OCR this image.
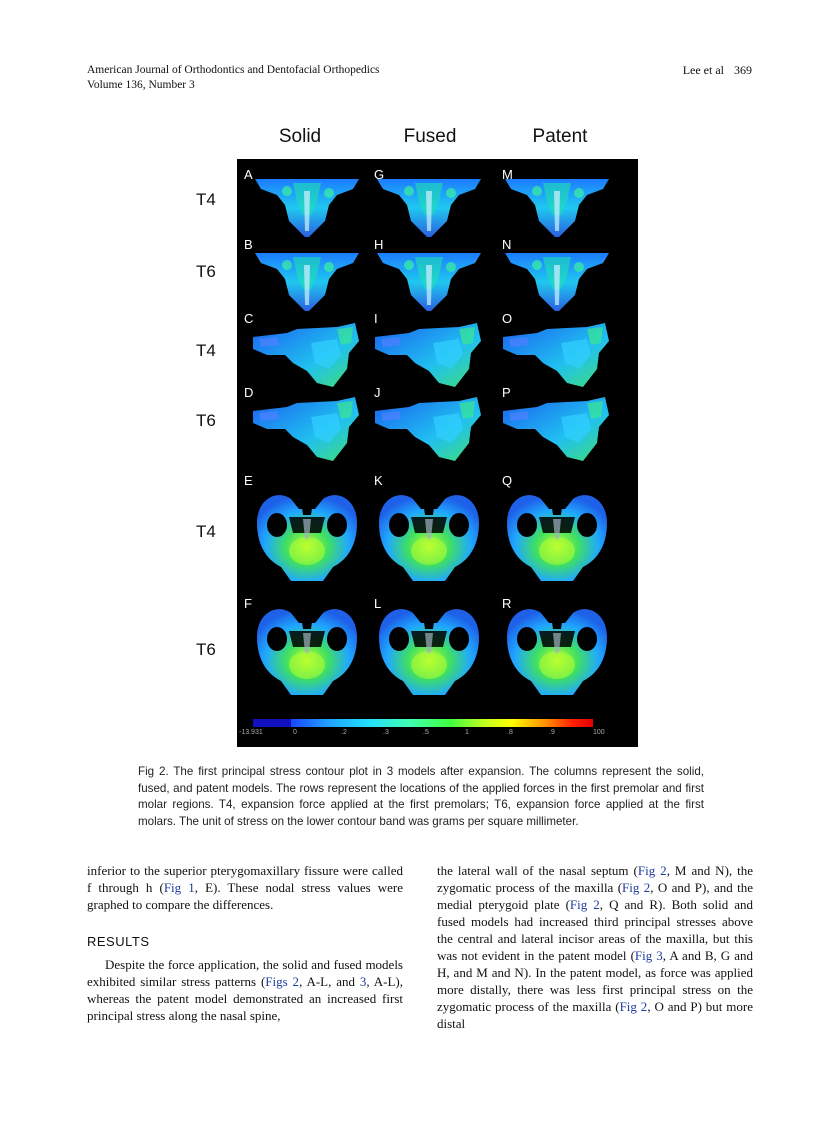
American Journal of Orthodontics and Dentofacial Orthopedics
Volume 136, Number 3
Lee et al 369
Solid	Fused	Patent
T4
T6
T4
T6
T4
T6
A	G	M
B	H	N
C	I	O
D	J	P
E	K	Q
F	L	R
-13.931	0	.2	.3	.5	1	.8	.9	100
Fig 2. The first principal stress contour plot in 3 models after expansion. The columns represent the solid, fused, and patent models. The rows represent the locations of the applied forces in the first premolar and first molar regions. T4, expansion force applied at the first premolars; T6, expansion force applied at the first molars. The unit of stress on the lower contour band was grams per square millimeter.

inferior to the superior pterygomaxillary fissure were called f through h (Fig 1, E). These nodal stress values were graphed to compare the differences.

RESULTS

Despite the force application, the solid and fused models exhibited similar stress patterns (Figs 2, A-L, and 3, A-L), whereas the patent model demonstrated an increased first principal stress along the nasal spine,

the lateral wall of the nasal septum (Fig 2, M and N), the zygomatic process of the maxilla (Fig 2, O and P), and the medial pterygoid plate (Fig 2, Q and R). Both solid and fused models had increased third principal stresses above the central and lateral incisor areas of the maxilla, but this was not evident in the patent model (Fig 3, A and B, G and H, and M and N). In the patent model, as force was applied more distally, there was less first principal stress on the zygomatic process of the maxilla (Fig 2, O and P) but more distal
